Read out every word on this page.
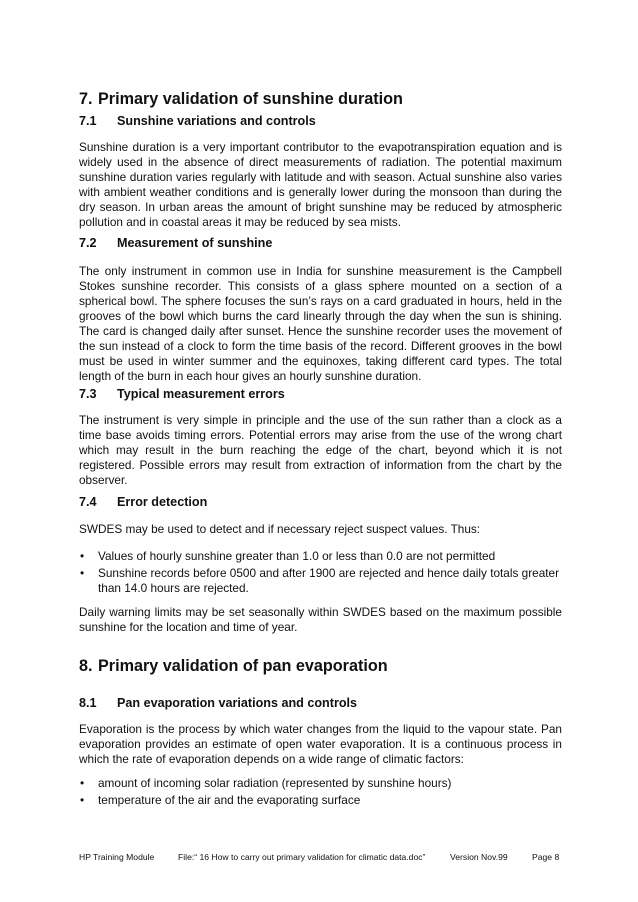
7. Primary validation of sunshine duration
7.1 Sunshine variations and controls

Sunshine duration is a very important contributor to the evapotranspiration equation and is widely used in the absence of direct measurements of radiation. The potential maximum sunshine duration varies regularly with latitude and with season. Actual sunshine also varies with ambient weather conditions and is generally lower during the monsoon than during the dry season. In urban areas the amount of bright sunshine may be reduced by atmospheric pollution and in coastal areas it may be reduced by sea mists.

7.2 Measurement of sunshine

The only instrument in common use in India for sunshine measurement is the Campbell Stokes sunshine recorder. This consists of a glass sphere mounted on a section of a spherical bowl. The sphere focuses the sun’s rays on a card graduated in hours, held in the grooves of the bowl which burns the card linearly through the day when the sun is shining. The card is changed daily after sunset. Hence the sunshine recorder uses the movement of the sun instead of a clock to form the time basis of the record. Different grooves in the bowl must be used in winter summer and the equinoxes, taking different card types. The total length of the burn in each hour gives an hourly sunshine duration.

7.3 Typical measurement errors

The instrument is very simple in principle and the use of the sun rather than a clock as a time base avoids timing errors. Potential errors may arise from the use of the wrong chart which may result in the burn reaching the edge of the chart, beyond which it is not registered. Possible errors may result from extraction of information from the chart by the observer.

7.4 Error detection

SWDES may be used to detect and if necessary reject suspect values. Thus:

• Values of hourly sunshine greater than 1.0 or less than 0.0 are not permitted
• Sunshine records before 0500 and after 1900 are rejected and hence daily totals greater than 14.0 hours are rejected.

Daily warning limits may be set seasonally within SWDES based on the maximum possible sunshine for the location and time of year.

8. Primary validation of pan evaporation
8.1 Pan evaporation variations and controls

Evaporation is the process by which water changes from the liquid to the vapour state. Pan evaporation provides an estimate of open water evaporation. It is a continuous process in which the rate of evaporation depends on a wide range of climatic factors:

• amount of incoming solar radiation (represented by sunshine hours)
• temperature of the air and the evaporating surface
HP Training Module	File:“ 16 How to carry out primary validation for climatic data.doc”	Version Nov.99	Page 8
